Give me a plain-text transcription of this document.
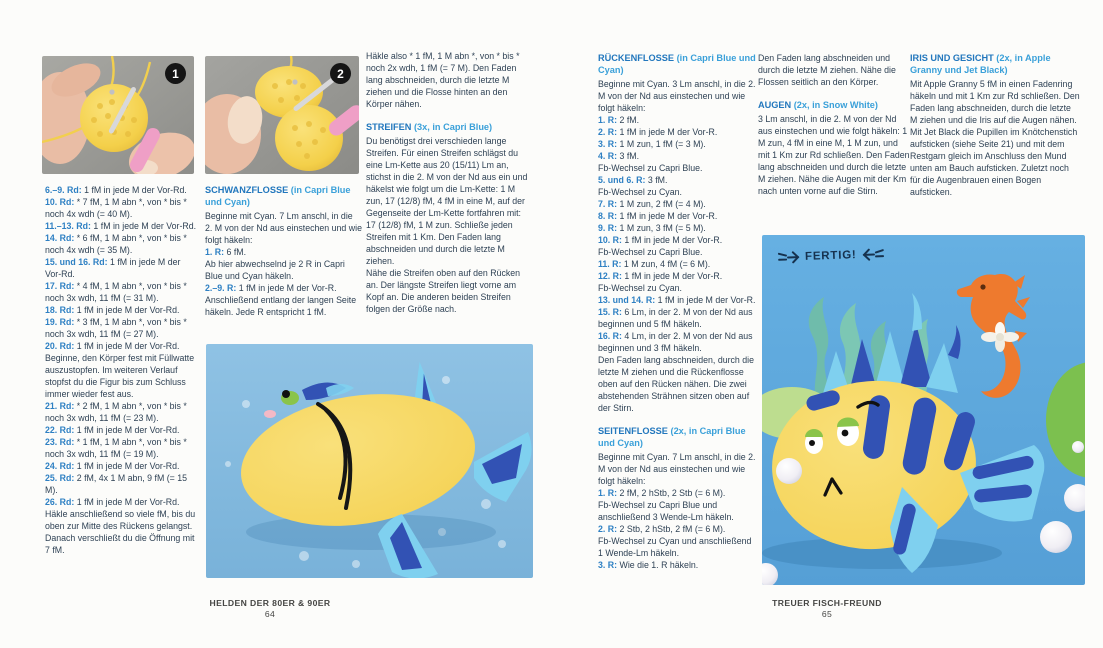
1	2

6.–9. Rd: 1 fM in jede M der Vor-Rd.

10. Rd: * 7 fM, 1 M abn *, von * bis * noch 4x wdh (= 40 M).

11.–13. Rd: 1 fM in jede M der Vor-Rd.

14. Rd: * 6 fM, 1 M abn *, von * bis * noch 4x wdh (= 35 M).

15. und 16. Rd: 1 fM in jede M der Vor-Rd.

17. Rd: * 4 fM, 1 M abn *, von * bis * noch 3x wdh, 11 fM (= 31 M).

18. Rd: 1 fM in jede M der Vor-Rd.

19. Rd: * 3 fM, 1 M abn *, von * bis * noch 3x wdh, 11 fM (= 27 M).

20. Rd: 1 fM in jede M der Vor-Rd. Beginne, den Körper fest mit Füllwatte auszustopfen. Im weiteren Verlauf stopfst du die Figur bis zum Schluss immer wieder fest aus.

21. Rd: * 2 fM, 1 M abn *, von * bis * noch 3x wdh, 11 fM (= 23 M).

22. Rd: 1 fM in jede M der Vor-Rd.

23. Rd: * 1 fM, 1 M abn *, von * bis * noch 3x wdh, 11 fM (= 19 M).

24. Rd: 1 fM in jede M der Vor-Rd.

25. Rd: 2 fM, 4x 1 M abn, 9 fM (= 15 M).

26. Rd: 1 fM in jede M der Vor-Rd. Häkle anschließend so viele fM, bis du oben zur Mitte des Rückens gelangst. Danach verschließt du die Öffnung mit 7 fM.

SCHWANZFLOSSE (in Capri Blue und Cyan)

Beginne mit Cyan. 7 Lm anschl, in die 2. M von der Nd aus einstechen und wie folgt häkeln:

1. R: 6 fM.

Ab hier abwechselnd je 2 R in Capri Blue und Cyan häkeln.

2.–9. R: 1 fM in jede M der Vor-R.

Anschließend entlang der langen Seite häkeln. Jede R entspricht 1 fM.

Häkle also * 1 fM, 1 M abn *, von * bis * noch 2x wdh, 1 fM (= 7 M). Den Faden lang abschneiden, durch die letzte M ziehen und die Flosse hinten an den Körper nähen.

STREIFEN (3x, in Capri Blue)

Du benötigst drei verschieden lange Streifen. Für einen Streifen schlägst du eine Lm-Kette aus 20 (15/11) Lm an, stichst in die 2. M von der Nd aus ein und häkelst wie folgt um die Lm-Kette: 1 M zun, 17 (12/8) fM, 4 fM in eine M, auf der Gegenseite der Lm-Kette fortfahren mit: 17 (12/8) fM, 1 M zun. Schließe jeden Streifen mit 1 Km. Den Faden lang abschneiden und durch die letzte M ziehen.

Nähe die Streifen oben auf den Rücken an. Der längste Streifen liegt vorne am Kopf an. Die anderen beiden Streifen folgen der Größe nach.

HELDEN DER 80ER & 90ER
64
RÜCKENFLOSSE (in Capri Blue und Cyan)

Beginne mit Cyan. 3 Lm anschl, in die 2. M von der Nd aus einstechen und wie folgt häkeln:

1. R: 2 fM.

2. R: 1 fM in jede M der Vor-R.

3. R: 1 M zun, 1 fM (= 3 M).

4. R: 3 fM.

Fb-Wechsel zu Capri Blue.

5. und 6. R: 3 fM.

Fb-Wechsel zu Cyan.

7. R: 1 M zun, 2 fM (= 4 M).

8. R: 1 fM in jede M der Vor-R.

9. R: 1 M zun, 3 fM (= 5 M).

10. R: 1 fM in jede M der Vor-R.

Fb-Wechsel zu Capri Blue.

11. R: 1 M zun, 4 fM (= 6 M).

12. R: 1 fM in jede M der Vor-R.

Fb-Wechsel zu Cyan.

13. und 14. R: 1 fM in jede M der Vor-R.

15. R: 6 Lm, in der 2. M von der Nd aus beginnen und 5 fM häkeln.

16. R: 4 Lm, in der 2. M von der Nd aus beginnen und 3 fM häkeln.

Den Faden lang abschneiden, durch die letzte M ziehen und die Rückenflosse oben auf den Rücken nähen. Die zwei abstehenden Strähnen sitzen oben auf der Stirn.

SEITENFLOSSE (2x, in Capri Blue und Cyan)

Beginne mit Cyan. 7 Lm anschl, in die 2. M von der Nd aus einstechen und wie folgt häkeln:

1. R: 2 fM, 2 hStb, 2 Stb (= 6 M).

Fb-Wechsel zu Capri Blue und anschließend 3 Wende-Lm häkeln.

2. R: 2 Stb, 2 hStb, 2 fM (= 6 M).

Fb-Wechsel zu Cyan und anschließend 1 Wende-Lm häkeln.

3. R: Wie die 1. R häkeln.

Den Faden lang abschneiden und durch die letzte M ziehen. Nähe die Flossen seitlich an den Körper.

AUGEN (2x, in Snow White)

3 Lm anschl, in die 2. M von der Nd aus einstechen und wie folgt häkeln: 1 M zun, 4 fM in eine M, 1 M zun, und mit 1 Km zur Rd schließen. Den Faden lang abschneiden und durch die letzte M ziehen. Nähe die Augen mit der Km nach unten vorne auf die Stirn.

IRIS UND GESICHT (2x, in Apple Granny und Jet Black)

Mit Apple Granny 5 fM in einen Fadenring häkeln und mit 1 Km zur Rd schließen. Den Faden lang abschneiden, durch die letzte M ziehen und die Iris auf die Augen nähen. Mit Jet Black die Pupillen im Knötchenstich aufsticken (siehe Seite 21) und mit dem Restgarn gleich im Anschluss den Mund unten am Bauch aufsticken. Zuletzt noch für die Augenbrauen einen Bogen aufsticken.

FERTIG!
TREUER FISCH-FREUND
65
